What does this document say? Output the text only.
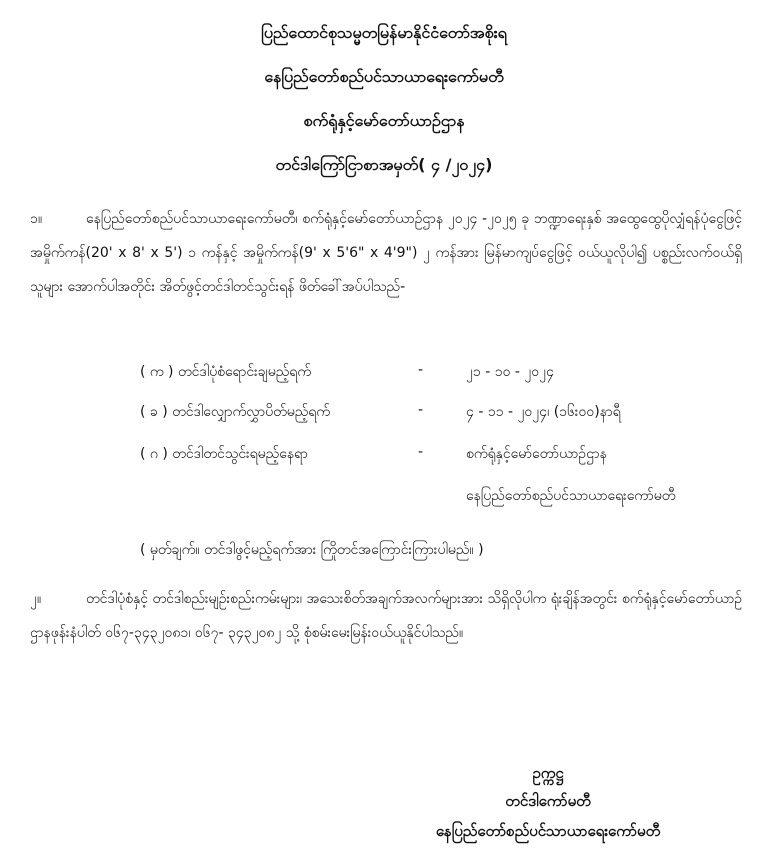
ပြည်ထောင်စုသမ္မတမြန်မာနိုင်ငံတော်အစိုးရ
နေပြည်တော်စည်ပင်သာယာရေးကော်မတီ
စက်ရုံနှင့်မော်တော်ယာဉ်ဌာန
တင်ဒါကြော်ငြာစာအမှတ်( ၄ /၂၀၂၄)
၁။	နေပြည်တော်စည်ပင်သာယာရေးကော်မတီ၊ စက်ရုံနှင့်မော်တော်ယာဉ်ဌာန ၂၀၂၄ -၂၀၂၅ ခု ဘဏ္ဍာရေးနှစ် အထွေထွေပိုလျှံရန်ပုံငွေဖြင့် အမှိုက်ကန်(20' x 8' x 5') ၁ ကန်နှင့် အမှိုက်ကန်(9' x 5'6" x 4'9") ၂ ကန်အား မြန်မာကျပ်ငွေဖြင့် ဝယ်ယူလိုပါ၍ ပစ္စည်းလက်ဝယ်ရှိသူများ အောက်ပါအတိုင်း အိတ်ဖွင့်တင်ဒါတင်သွင်းရန် ဖိတ်ခေါ်အပ်ပါသည်-
( က ) တင်ဒါပုံစံရောင်းချမည့်ရက်	-	၂၁ - ၁၀ - ၂၀၂၄
( ခ ) တင်ဒါလျှောက်လွှာပိတ်မည့်ရက်	-	၄ - ၁၁ - ၂၀၂၄၊ (၁၆း၀၀)နာရီ
( ဂ ) တင်ဒါတင်သွင်းရမည့်နေရာ	-	စက်ရုံနှင့်မော်တော်ယာဉ်ဌာန
နေပြည်တော်စည်ပင်သာယာရေးကော်မတီ
( မှတ်ချက်။ တင်ဒါဖွင့်မည့်ရက်အား ကြိုတင်အကြောင်းကြားပါမည်။ )
၂။	တင်ဒါပုံစံနှင့် တင်ဒါစည်းမျဉ်းစည်းကမ်းများ၊ အသေးစိတ်အချက်အလက်များအား သိရှိလိုပါက ရုံးချိန်အတွင်း စက်ရုံနှင့်မော်တော်ယာဉ်ဌာနဖုန်းနံပါတ် ၀၆၇-၃၄၃၂၀၈၁၊ ၀၆၇- ၃၄၃၂၀၈၂ သို့ စုံစမ်းမေးမြန်းဝယ်ယူနိုင်ပါသည်။
ဥက္ကဋ္ဌ
တင်ဒါကော်မတီ
နေပြည်တော်စည်ပင်သာယာရေးကော်မတီ
